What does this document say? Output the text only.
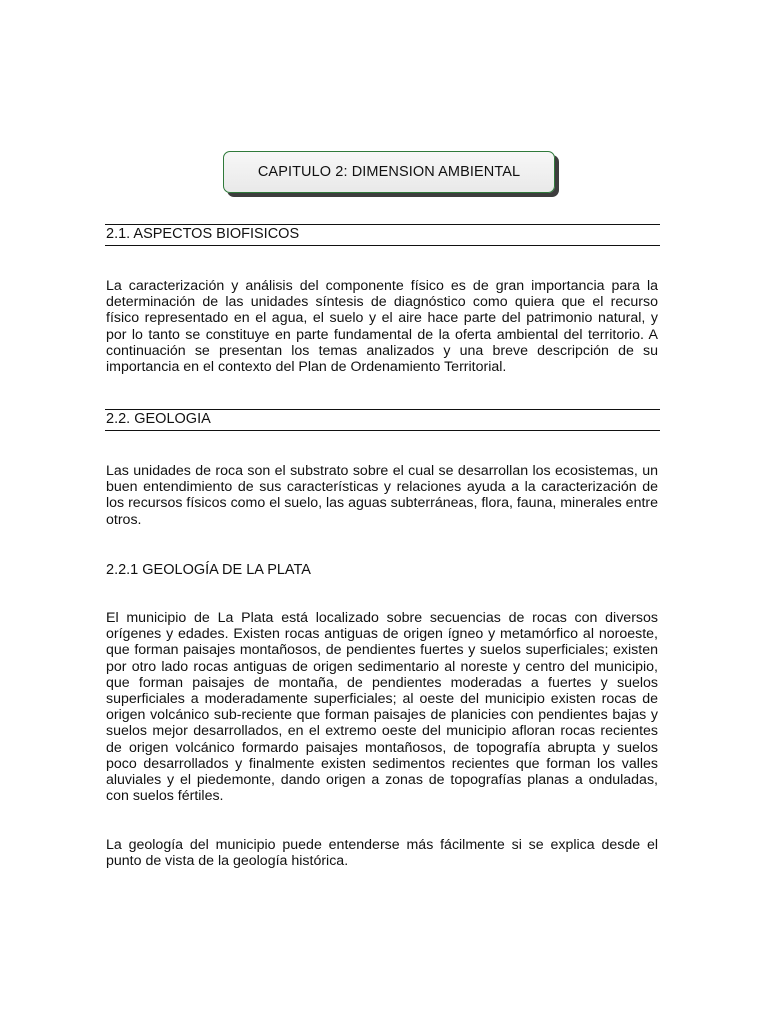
CAPITULO 2: DIMENSION AMBIENTAL
2.1. ASPECTOS BIOFISICOS

La caracterización y análisis del componente físico es de gran importancia para la determinación de las unidades síntesis de diagnóstico como quiera que el recurso físico representado en el agua, el suelo y el aire hace parte del patrimonio natural, y por lo tanto se constituye en parte fundamental de la oferta ambiental del territorio. A continuación se presentan los temas analizados y una breve descripción de su importancia en el contexto del Plan de Ordenamiento Territorial.

2.2. GEOLOGIA

Las unidades de roca son el substrato sobre el cual se desarrollan los ecosistemas, un buen entendimiento de sus características y relaciones ayuda a la caracterización de los recursos físicos como el suelo, las aguas subterráneas, flora, fauna, minerales entre otros.

2.2.1 GEOLOGÍA DE LA PLATA

El municipio de La Plata está localizado sobre secuencias de rocas con diversos orígenes y edades. Existen rocas antiguas de origen ígneo y metamórfico al noroeste, que forman paisajes montañosos, de pendientes fuertes y suelos superficiales; existen por otro lado rocas antiguas de origen sedimentario al noreste y centro del municipio, que forman paisajes de montaña, de pendientes moderadas a fuertes y suelos superficiales a moderadamente superficiales; al oeste del municipio existen rocas de origen volcánico sub-reciente que forman paisajes de planicies con pendientes bajas y suelos mejor desarrollados, en el extremo oeste del municipio afloran rocas recientes de origen volcánico formardo paisajes montañosos, de topografía abrupta y suelos poco desarrollados y finalmente existen sedimentos recientes que forman los valles aluviales y el piedemonte, dando origen a zonas de topografías planas a onduladas, con suelos fértiles.

La geología del municipio puede entenderse más fácilmente si se explica desde el punto de vista de la geología histórica.
